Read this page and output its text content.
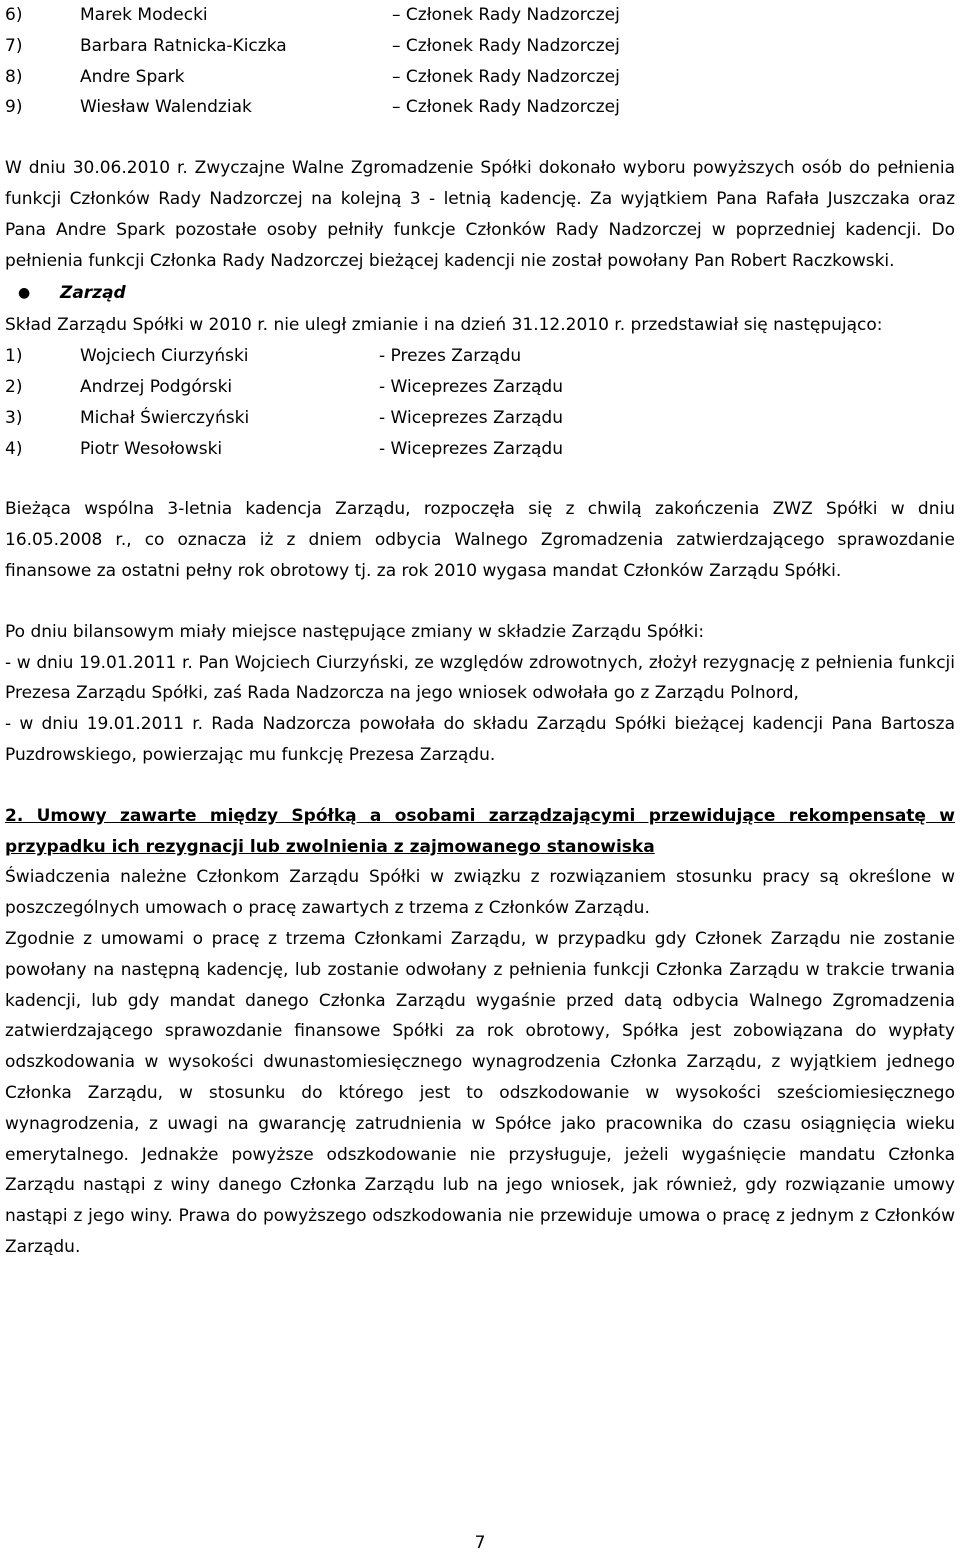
6)	Marek Modecki	– Członek Rady Nadzorczej
7)	Barbara Ratnicka-Kiczka	– Członek Rady Nadzorczej
8)	Andre Spark	– Członek Rady Nadzorczej
9)	Wiesław Walendziak	– Członek Rady Nadzorczej

W dniu 30.06.2010 r. Zwyczajne Walne Zgromadzenie Spółki dokonało wyboru powyższych osób do pełnienia funkcji Członków Rady Nadzorczej na kolejną 3 - letnią kadencję. Za wyjątkiem Pana Rafała Juszczaka oraz Pana Andre Spark pozostałe osoby pełniły funkcje Członków Rady Nadzorczej w poprzedniej kadencji. Do pełnienia funkcji Członka Rady Nadzorczej bieżącej kadencji nie został powołany Pan Robert Raczkowski.

●	Zarząd

Skład Zarządu Spółki w 2010 r. nie uległ zmianie i na dzień 31.12.2010 r. przedstawiał się następująco:

1)	Wojciech Ciurzyński	- Prezes Zarządu
2)	Andrzej Podgórski	- Wiceprezes Zarządu
3)	Michał Świerczyński	- Wiceprezes Zarządu
4)	Piotr Wesołowski	- Wiceprezes Zarządu

Bieżąca wspólna 3-letnia kadencja Zarządu, rozpoczęła się z chwilą zakończenia ZWZ Spółki w dniu 16.05.2008 r., co oznacza iż z dniem odbycia Walnego Zgromadzenia zatwierdzającego sprawozdanie finansowe za ostatni pełny rok obrotowy tj. za rok 2010 wygasa mandat Członków Zarządu Spółki.

Po dniu bilansowym miały miejsce następujące zmiany w składzie Zarządu Spółki:

- w dniu 19.01.2011 r. Pan Wojciech Ciurzyński, ze względów zdrowotnych, złożył rezygnację z pełnienia funkcji Prezesa Zarządu Spółki, zaś Rada Nadzorcza na jego wniosek odwołała go z Zarządu Polnord,

- w dniu 19.01.2011 r. Rada Nadzorcza powołała do składu Zarządu Spółki bieżącej kadencji Pana Bartosza Puzdrowskiego, powierzając mu funkcję Prezesa Zarządu.

2. Umowy zawarte między Spółką a osobami zarządzającymi przewidujące rekompensatę w przypadku ich rezygnacji lub zwolnienia z zajmowanego stanowiska

Świadczenia należne Członkom Zarządu Spółki w związku z rozwiązaniem stosunku pracy są określone w poszczególnych umowach o pracę zawartych z trzema z Członków Zarządu.

Zgodnie z umowami o pracę z trzema Członkami Zarządu, w przypadku gdy Członek Zarządu nie zostanie powołany na następną kadencję, lub zostanie odwołany z pełnienia funkcji Członka Zarządu w trakcie trwania kadencji, lub gdy mandat danego Członka Zarządu wygaśnie przed datą odbycia Walnego Zgromadzenia zatwierdzającego sprawozdanie finansowe Spółki za rok obrotowy, Spółka jest zobowiązana do wypłaty odszkodowania w wysokości dwunastomiesięcznego wynagrodzenia Członka Zarządu, z wyjątkiem jednego Członka Zarządu, w stosunku do którego jest to odszkodowanie w wysokości sześciomiesięcznego wynagrodzenia, z uwagi na gwarancję zatrudnienia w Spółce jako pracownika do czasu osiągnięcia wieku emerytalnego. Jednakże powyższe odszkodowanie nie przysługuje, jeżeli wygaśnięcie mandatu Członka Zarządu nastąpi z winy danego Członka Zarządu lub na jego wniosek, jak również, gdy rozwiązanie umowy nastąpi z jego winy. Prawa do powyższego odszkodowania nie przewiduje umowa o pracę z jednym z Członków Zarządu.

7
